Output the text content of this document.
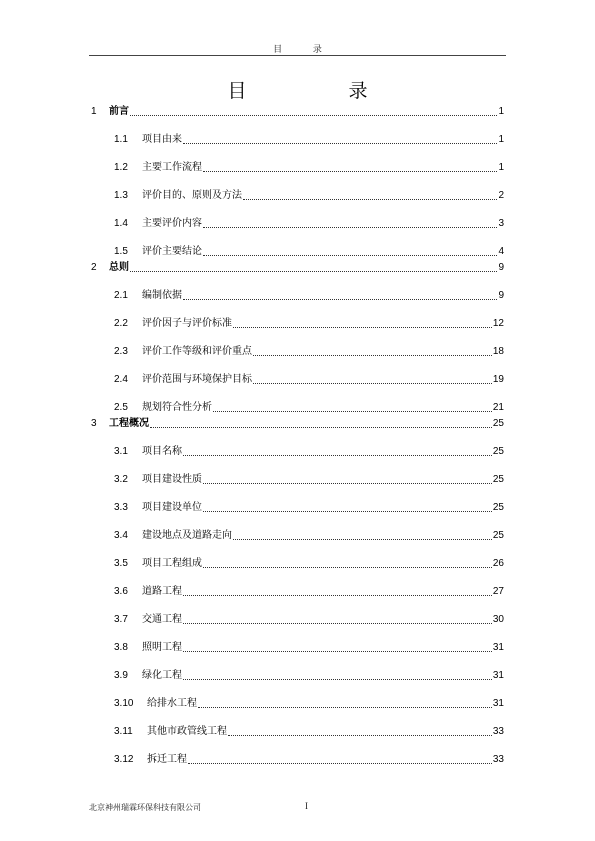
目 录
目 录
1	前言	1
1.1	项目由来	1
1.2	主要工作流程	1
1.3	评价目的、原则及方法	2
1.4	主要评价内容	3
1.5	评价主要结论	4
2	总则	9
2.1	编制依据	9
2.2	评价因子与评价标准	12
2.3	评价工作等级和评价重点	18
2.4	评价范围与环境保护目标	19
2.5	规划符合性分析	21
3	工程概况	25
3.1	项目名称	25
3.2	项目建设性质	25
3.3	项目建设单位	25
3.4	建设地点及道路走向	25
3.5	项目工程组成	26
3.6	道路工程	27
3.7	交通工程	30
3.8	照明工程	31
3.9	绿化工程	31
3.10	给排水工程	31
3.11	其他市政管线工程	33
3.12	拆迁工程	33
北京神州瑞霖环保科技有限公司	I
